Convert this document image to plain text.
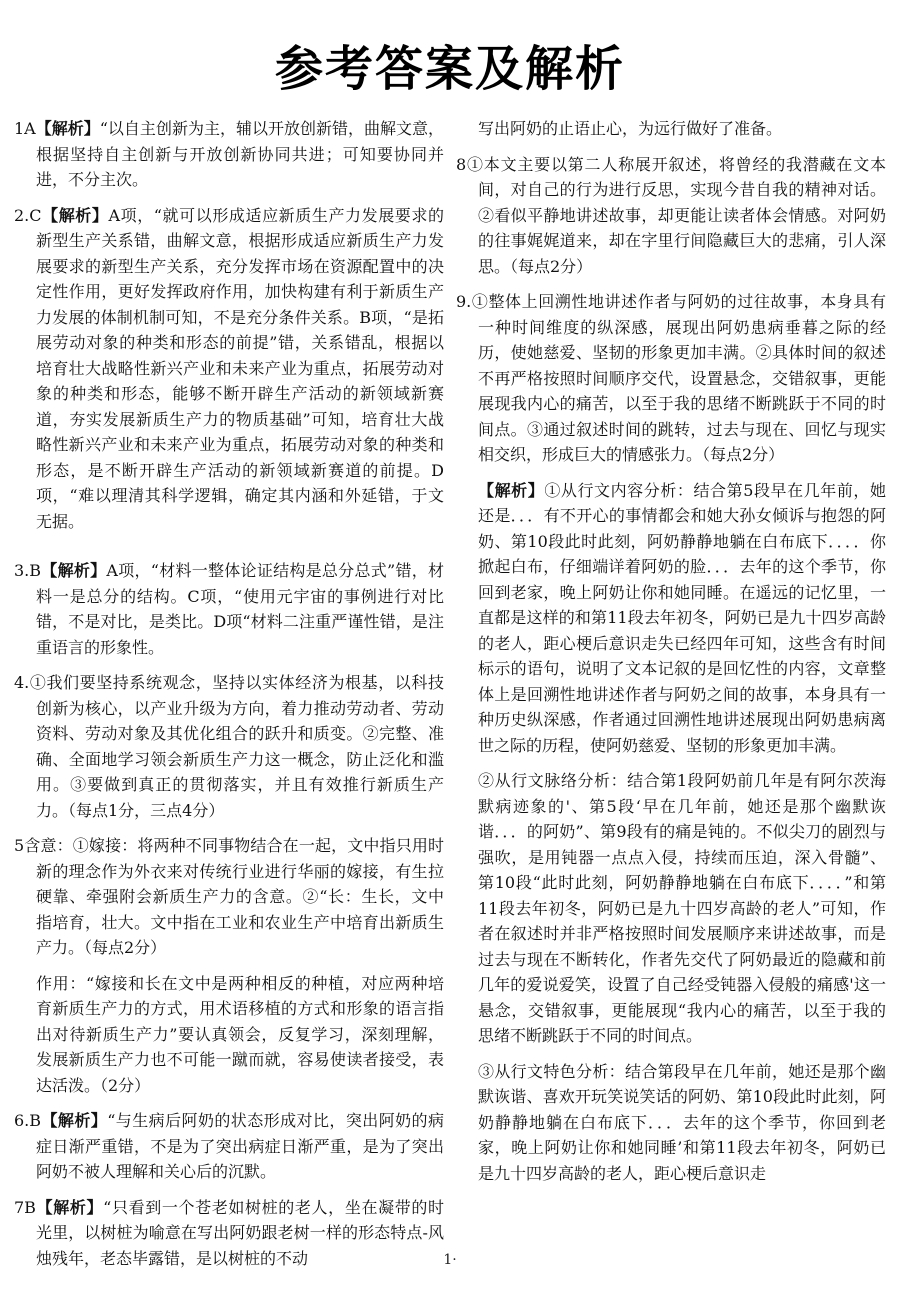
参考答案及解析

1A【解析】“以自主创新为主，辅以开放创新错，曲解文意，根据坚持自主创新与开放创新协同共进；可知要协同并进，不分主次。

2.C【解析】A项，“就可以形成适应新质生产力发展要求的新型生产关系错，曲解文意，根据形成适应新质生产力发展要求的新型生产关系，充分发挥市场在资源配置中的决定性作用，更好发挥政府作用，加快构建有利于新质生产力发展的体制机制可知，不是充分条件关系。B项，“是拓展劳动对象的种类和形态的前提”错，关系错乱，根据以培育壮大战略性新兴产业和未来产业为重点，拓展劳动对象的种类和形态，能够不断开辟生产活动的新领域新赛道，夯实发展新质生产力的物质基础”可知，培育壮大战略性新兴产业和未来产业为重点，拓展劳动对象的种类和形态，是不断开辟生产活动的新领域新赛道的前提。D项，“难以理清其科学逻辑，确定其内涵和外延错，于文无据。

3.B【解析】A项，“材料一整体论证结构是总分总式”错，材料一是总分的结构。C项，“使用元宇宙的事例进行对比错，不是对比，是类比。D项“材料二注重严谨性错，是注重语言的形象性。

4.①我们要坚持系统观念，坚持以实体经济为根基，以科技创新为核心，以产业升级为方向，着力推动劳动者、劳动资料、劳动对象及其优化组合的跃升和质变。②完整、准确、全面地学习领会新质生产力这一概念，防止泛化和滥用。③要做到真正的贯彻落实，并且有效推行新质生产力。（每点1分，三点4分）

5含意：①嫁接：将两种不同事物结合在一起，文中指只用时新的理念作为外衣来对传统行业进行华丽的嫁接，有生拉硬靠、牵强附会新质生产力的含意。②“长：生长，文中指培育，壮大。文中指在工业和农业生产中培育出新质生产力。（每点2分）

作用：“嫁接和长在文中是两种相反的种植，对应两种培育新质生产力的方式，用术语移植的方式和形象的语言指出对待新质生产力”要认真领会，反复学习，深刻理解，发展新质生产力也不可能一蹴而就，容易使读者接受，表达活泼。（2分）

6.B【解析】“与生病后阿奶的状态形成对比，突出阿奶的病症日渐严重错，不是为了突出病症日渐严重，是为了突出阿奶不被人理解和关心后的沉默。

7B【解析】“只看到一个苍老如树桩的老人，坐在凝带的时光里，以树桩为喻意在写出阿奶跟老树一样的形态特点-风烛残年，老态毕露错，是以树桩的不动

写出阿奶的止语止心，为远行做好了准备。

8①本文主要以第二人称展开叙述，将曾经的我潜藏在文本间，对自己的行为进行反思，实现今昔自我的精神对话。②看似平静地讲述故事，却更能让读者体会情感。对阿奶的往事娓娓道来，却在字里行间隐藏巨大的悲痛，引人深思。（每点2分）

9.①整体上回溯性地讲述作者与阿奶的过往故事，本身具有一种时间维度的纵深感，展现出阿奶患病垂暮之际的经历，使她慈爱、坚韧的形象更加丰满。②具体时间的叙述不再严格按照时间顺序交代，设置悬念，交错叙事，更能展现我内心的痛苦，以至于我的思绪不断跳跃于不同的时间点。③通过叙述时间的跳转，过去与现在、回忆与现实相交织，形成巨大的情感张力。（每点2分）

【解析】①从行文内容分析：结合第5段早在几年前，她还是．．．有不开心的事情都会和她大孙女倾诉与抱怨的阿奶、第10段此时此刻，阿奶静静地躺在白布底下．．．．你掀起白布，仔细端详着阿奶的脸．．．去年的这个季节，你回到老家，晚上阿奶让你和她同睡。在遥远的记忆里，一直都是这样的和第11段去年初冬，阿奶已是九十四岁高龄的老人，距心梗后意识走失已经四年可知，这些含有时间标示的语句，说明了文本记叙的是回忆性的内容，文章整体上是回溯性地讲述作者与阿奶之间的故事，本身具有一种历史纵深感，作者通过回溯性地讲述展现出阿奶患病离世之际的历程，使阿奶慈爱、坚韧的形象更加丰满。

②从行文脉络分析：结合第1段阿奶前几年是有阿尔茨海默病迹象的'、第5段‘早在几年前，她还是那个幽默诙谐．．．的阿奶”、第9段有的痛是钝的。不似尖刀的剧烈与强吹，是用钝器一点点入侵，持续而压迫，深入骨髓”、第10段“此时此刻，阿奶静静地躺在白布底下．．．．”和第11段去年初冬，阿奶已是九十四岁高龄的老人”可知，作者在叙述时并非严格按照时间发展顺序来讲述故事，而是过去与现在不断转化，作者先交代了阿奶最近的隐藏和前几年的爱说爱笑，设置了自己经受钝器入侵般的痛感'这一悬念，交错叙事，更能展现“我内心的痛苦，以至于我的思绪不断跳跃于不同的时间点。

③从行文特色分析：结合第段早在几年前，她还是那个幽默诙谐、喜欢开玩笑说笑话的阿奶、第10段此时此刻，阿奶静静地躺在白布底下．．．去年的这个季节，你回到老家，晚上阿奶让你和她同睡’和第11段去年初冬，阿奶已是九十四岁高龄的老人，距心梗后意识走

1·
